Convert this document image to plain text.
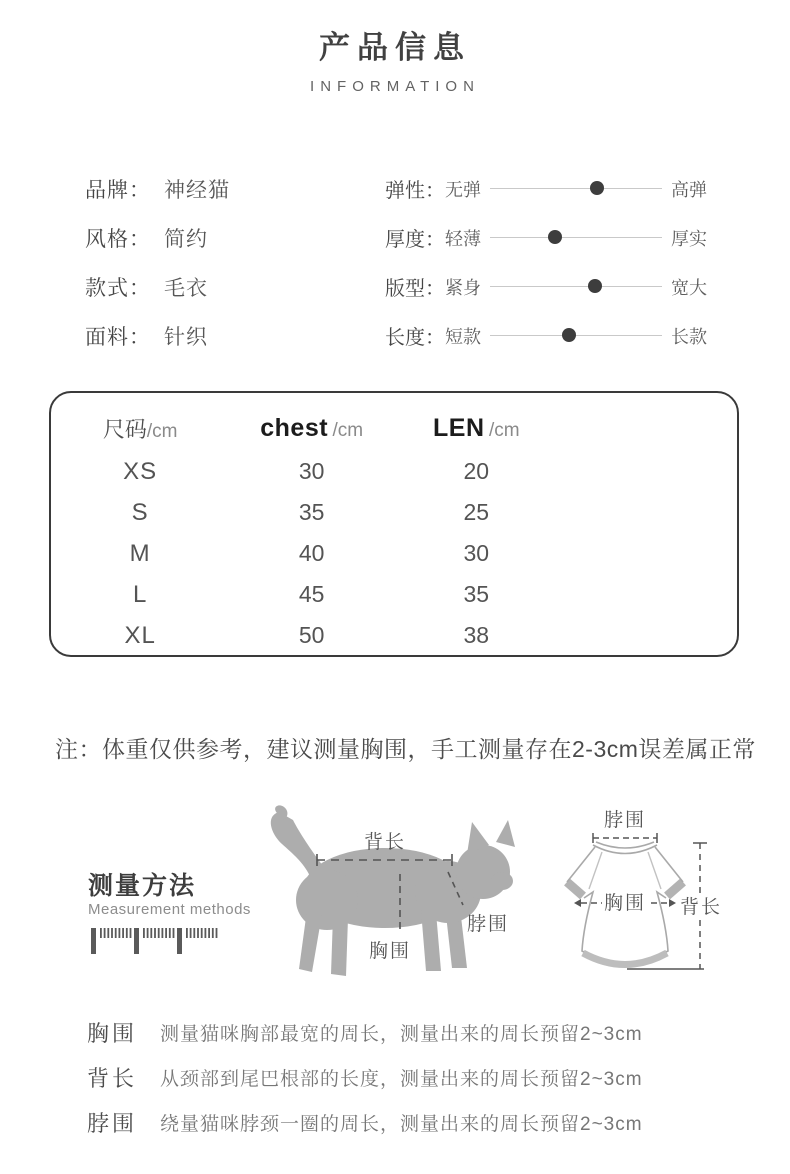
产品信息
INFORMATION
品牌： 神经猫
风格： 简约
款式： 毛衣
面料： 针织
弹性： 无弹	高弹
厚度： 轻薄	厚实
版型： 紧身	宽大
长度： 短款	长款
尺码/cm	chest /cm	LEN /cm
XS	30	20
S	35	25
M	40	30
L	45	35
XL	50	38
注：体重仅供参考，建议测量胸围，手工测量存在2-3cm误差属正常
测量方法
Measurement methods
背长
胸围
脖围
脖围
胸围 背长
胸围	测量猫咪胸部最宽的周长，测量出来的周长预留2~3cm
背长	从颈部到尾巴根部的长度，测量出来的周长预留2~3cm
脖围	绕量猫咪脖颈一圈的周长，测量出来的周长预留2~3cm
